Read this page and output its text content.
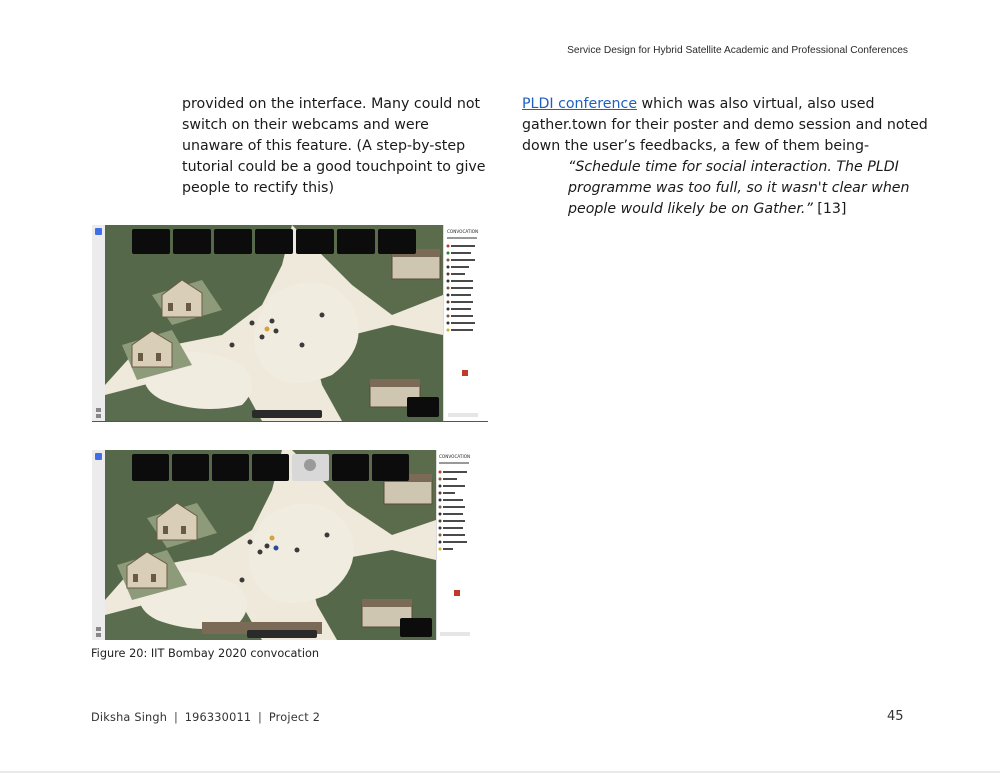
Service Design for Hybrid Satellite Academic and Professional Conferences
provided on the interface. Many could not
switch on their webcams and were
unaware of this feature. (A step-by-step
tutorial could be a good touchpoint to give
people to rectify this)
PLDI conference which was also virtual, also used
gather.town for their poster and demo session and noted
down the user’s feedbacks, a few of them being-
“Schedule time for social interaction. The PLDI
programme was too full, so it wasn't clear when
people would likely be on Gather.” [13]
CONVOCATION
CONVOCATION
Figure 20: IIT Bombay 2020 convocation
Diksha Singh | 196330011 | Project 2	45
